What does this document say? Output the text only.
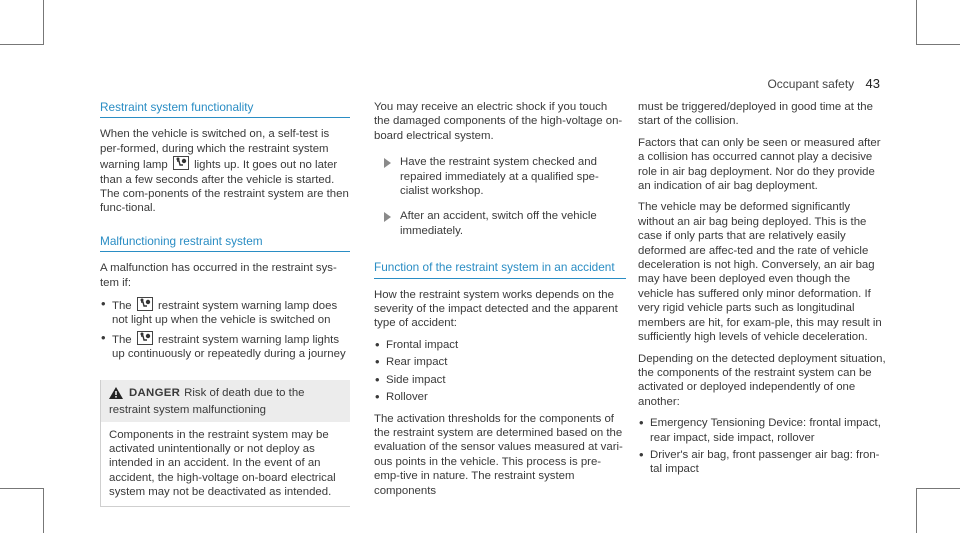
Occupant safety 43
Restraint system functionality

When the vehicle is switched on, a self-test is per-formed, during which the restraint system warning lamp lights up. It goes out no later than a few seconds after the vehicle is started. The com-ponents of the restraint system are then func-tional.

Malfunctioning restraint system

A malfunction has occurred in the restraint sys-tem if:

• The restraint system warning lamp does not light up when the vehicle is switched on
• The restraint system warning lamp lights up continuously or repeatedly during a journey
DANGER Risk of death due to the restraint system malfunctioning
Components in the restraint system may be activated unintentionally or not deploy as intended in an accident. In the event of an accident, the high-voltage on-board electrical system may not be deactivated as intended.

You may receive an electric shock if you touch the damaged components of the high-voltage on-board electrical system.

Have the restraint system checked and repaired immediately at a qualified spe-cialist workshop.
After an accident, switch off the vehicle immediately.
Function of the restraint system in an accident

How the restraint system works depends on the severity of the impact detected and the apparent type of accident:

• Frontal impact
• Rear impact
• Side impact
• Rollover

The activation thresholds for the components of the restraint system are determined based on the evaluation of the sensor values measured at vari-ous points in the vehicle. This process is pre-emp-tive in nature. The restraint system components

must be triggered/deployed in good time at the start of the collision.

Factors that can only be seen or measured after a collision has occurred cannot play a decisive role in air bag deployment. Nor do they provide an indication of air bag deployment.

The vehicle may be deformed significantly without an air bag being deployed. This is the case if only parts that are relatively easily deformed are affec-ted and the rate of vehicle deceleration is not high. Conversely, an air bag may have been deployed even though the vehicle has suffered only minor deformation. If very rigid vehicle parts such as longitudinal members are hit, for exam-ple, this may result in sufficiently high levels of vehicle deceleration.

Depending on the detected deployment situation, the components of the restraint system can be activated or deployed independently of one another:

• Emergency Tensioning Device: frontal impact, rear impact, side impact, rollover
• Driver's air bag, front passenger air bag: fron-tal impact
